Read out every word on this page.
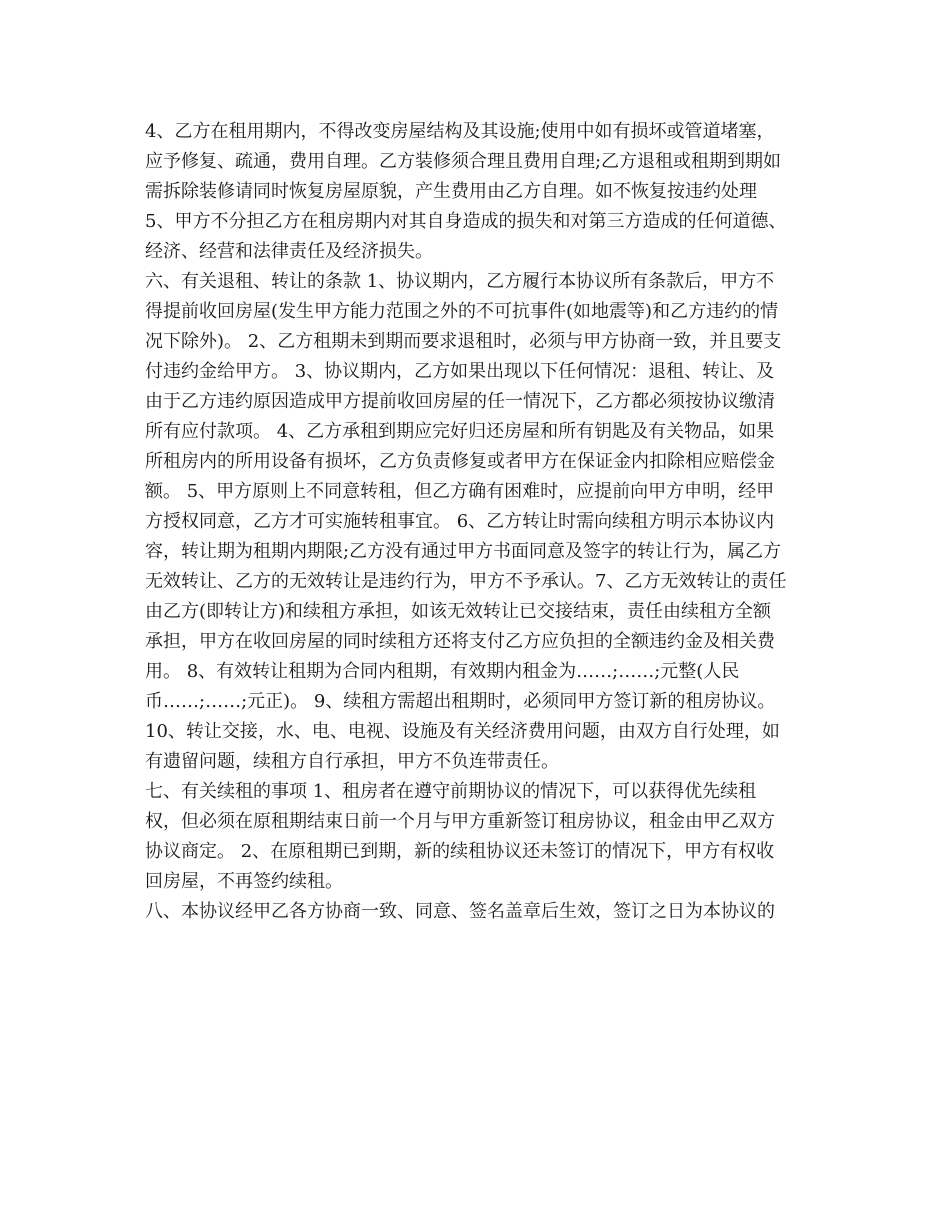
4、乙方在租用期内，不得改变房屋结构及其设施;使用中如有损坏或管道堵塞，

应予修复、疏通，费用自理。乙方装修须合理且费用自理;乙方退租或租期到期如

需拆除装修请同时恢复房屋原貌，产生费用由乙方自理。如不恢复按违约处理

5、甲方不分担乙方在租房期内对其自身造成的损失和对第三方造成的任何道德、

经济、经营和法律责任及经济损失。

六、有关退租、转让的条款 1、协议期内，乙方履行本协议所有条款后，甲方不

得提前收回房屋(发生甲方能力范围之外的不可抗事件(如地震等)和乙方违约的情

况下除外)。 2、乙方租期未到期而要求退租时，必须与甲方协商一致，并且要支

付违约金给甲方。 3、协议期内，乙方如果出现以下任何情况：退租、转让、及

由于乙方违约原因造成甲方提前收回房屋的任一情况下，乙方都必须按协议缴清

所有应付款项。 4、乙方承租到期应完好归还房屋和所有钥匙及有关物品，如果

所租房内的所用设备有损坏，乙方负责修复或者甲方在保证金内扣除相应赔偿金

额。 5、甲方原则上不同意转租，但乙方确有困难时，应提前向甲方申明，经甲

方授权同意，乙方才可实施转租事宜。 6、乙方转让时需向续租方明示本协议内

容，转让期为租期内期限;乙方没有通过甲方书面同意及签字的转让行为，属乙方

无效转让、乙方的无效转让是违约行为，甲方不予承认。7、乙方无效转让的责任

由乙方(即转让方)和续租方承担，如该无效转让已交接结束，责任由续租方全额

承担，甲方在收回房屋的同时续租方还将支付乙方应负担的全额违约金及相关费

用。 8、有效转让租期为合同内租期，有效期内租金为……;……;元整(人民

币……;……;元正)。 9、续租方需超出租期时，必须同甲方签订新的租房协议。

10、转让交接，水、电、电视、设施及有关经济费用问题，由双方自行处理，如

有遗留问题，续租方自行承担，甲方不负连带责任。

七、有关续租的事项 1、租房者在遵守前期协议的情况下，可以获得优先续租

权，但必须在原租期结束日前一个月与甲方重新签订租房协议，租金由甲乙双方

协议商定。 2、在原租期已到期，新的续租协议还未签订的情况下，甲方有权收

回房屋，不再签约续租。

八、本协议经甲乙各方协商一致、同意、签名盖章后生效，签订之日为本协议的
